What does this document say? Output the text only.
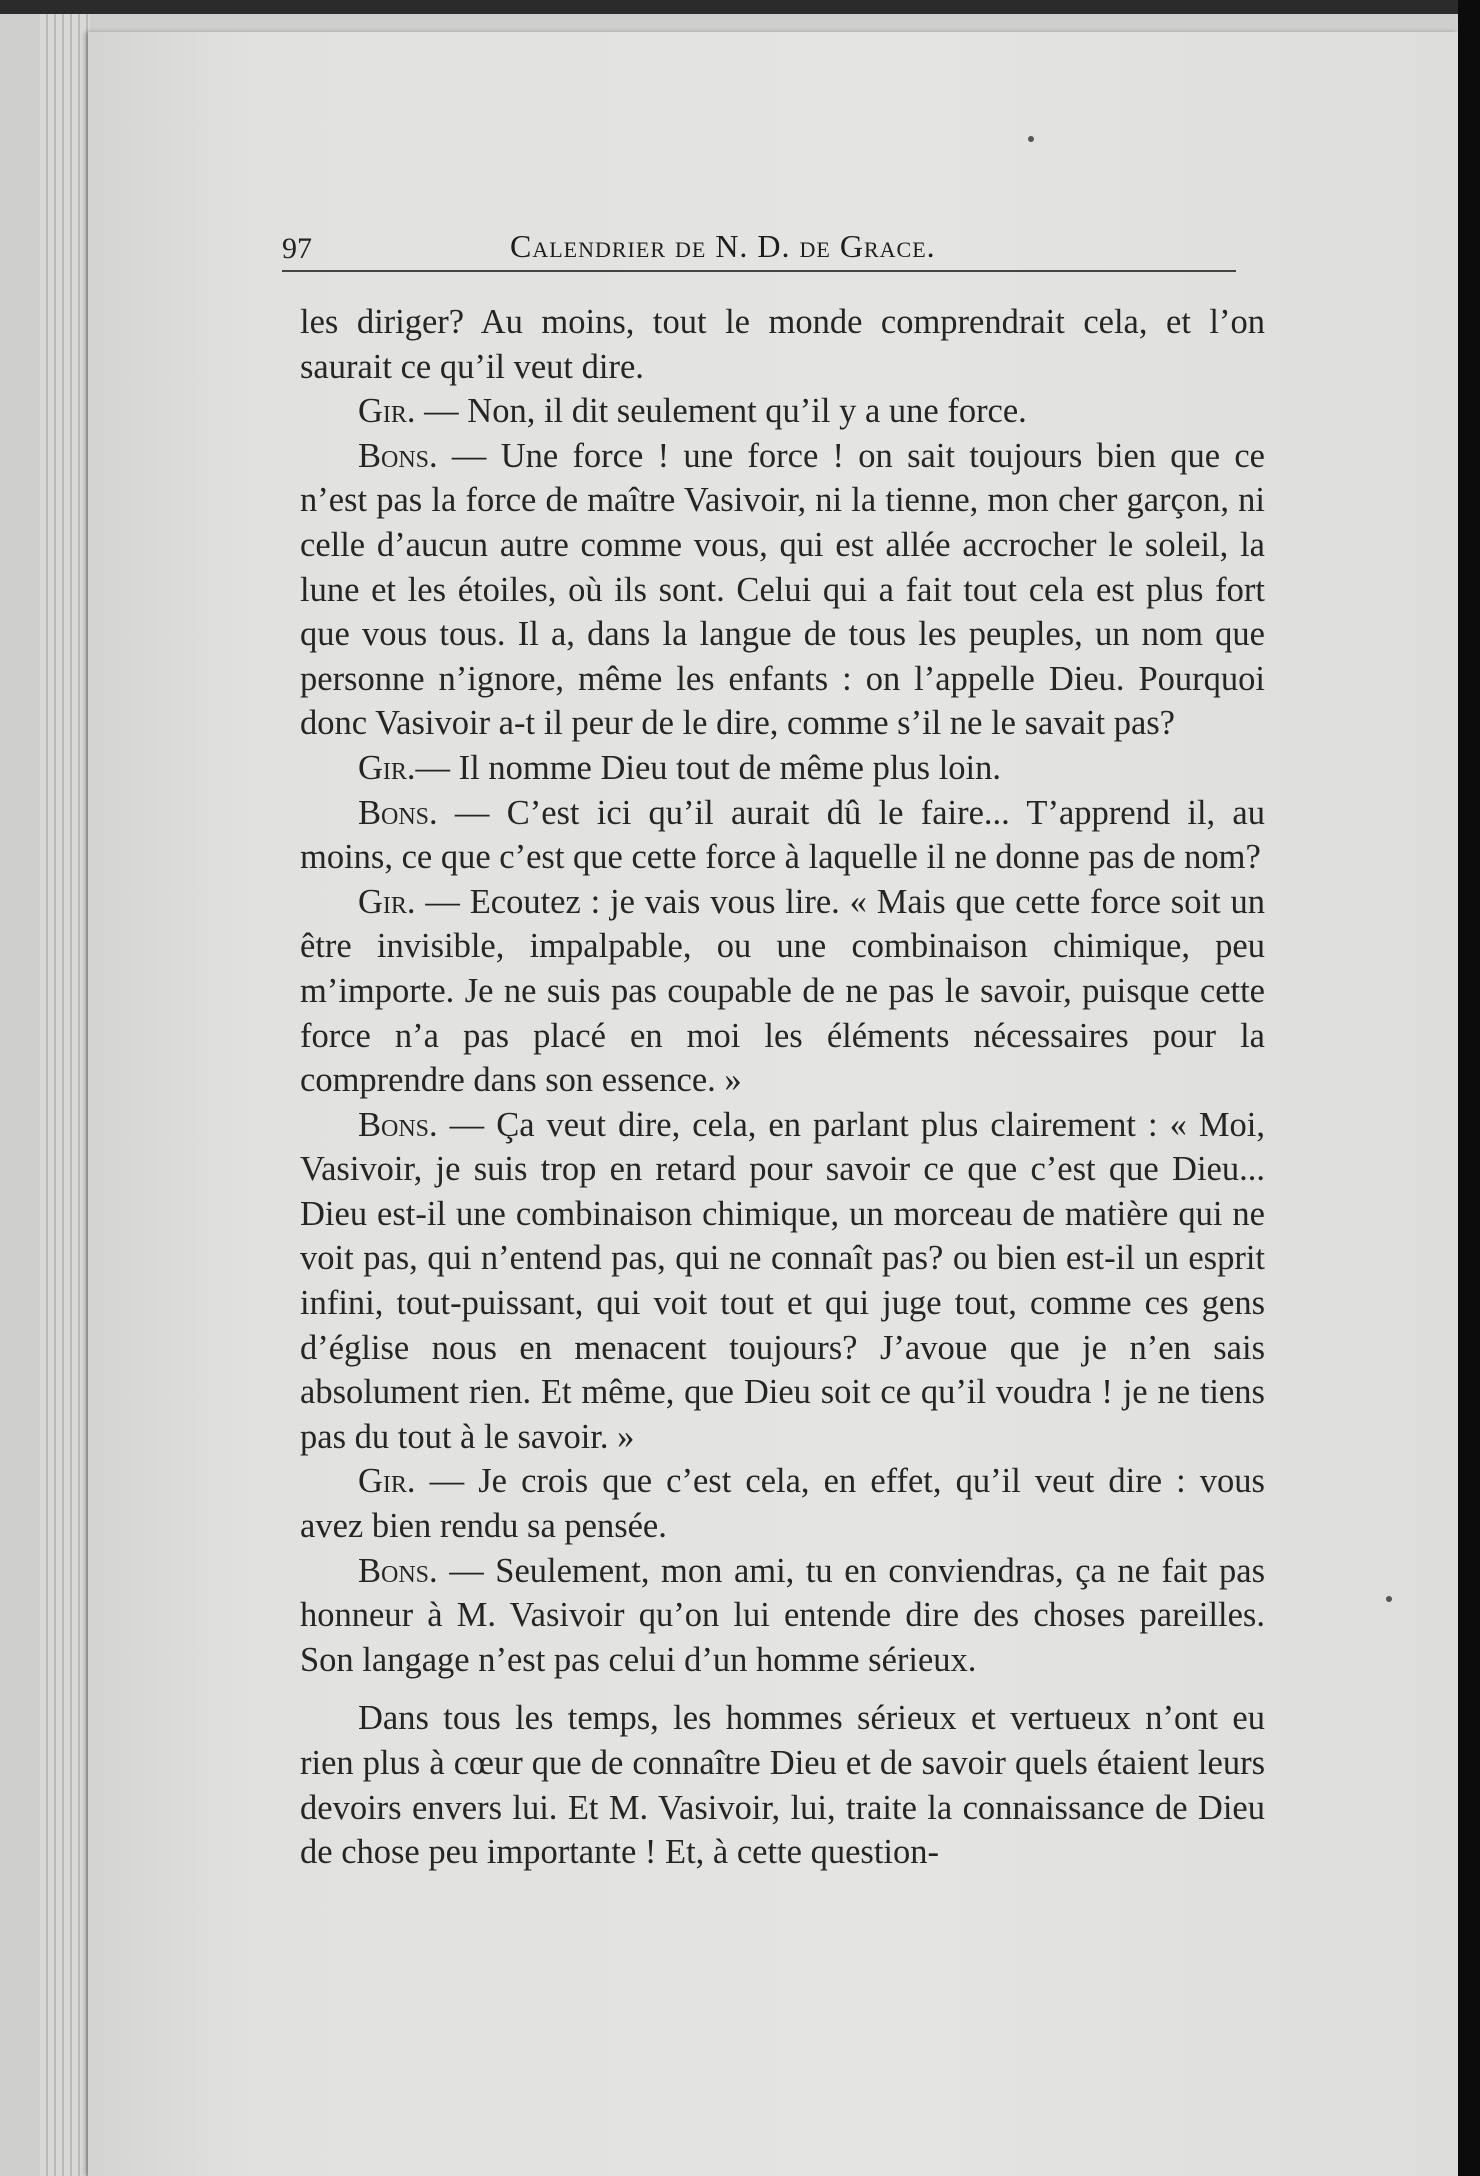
97	Calendrier de N. D. de Grace.

les diriger? Au moins, tout le monde comprendrait cela, et l’on saurait ce qu’il veut dire.

Gir. — Non, il dit seulement qu’il y a une force.

Bons. — Une force ! une force ! on sait toujours bien que ce n’est pas la force de maître Vasivoir, ni la tienne, mon cher garçon, ni celle d’aucun autre comme vous, qui est allée accrocher le soleil, la lune et les étoiles, où ils sont. Celui qui a fait tout cela est plus fort que vous tous. Il a, dans la langue de tous les peuples, un nom que personne n’ignore, même les enfants : on l’appelle Dieu. Pourquoi donc Vasivoir a-t il peur de le dire, comme s’il ne le savait pas?

Gir.— Il nomme Dieu tout de même plus loin.

Bons. — C’est ici qu’il aurait dû le faire... T’apprend il, au moins, ce que c’est que cette force à laquelle il ne donne pas de nom?

Gir. — Ecoutez : je vais vous lire. « Mais que cette force soit un être invisible, impalpable, ou une combinaison chimique, peu m’importe. Je ne suis pas coupable de ne pas le savoir, puisque cette force n’a pas placé en moi les éléments nécessaires pour la comprendre dans son essence. »

Bons. — Ça veut dire, cela, en parlant plus clairement : « Moi, Vasivoir, je suis trop en retard pour savoir ce que c’est que Dieu... Dieu est-il une combinaison chimique, un morceau de matière qui ne voit pas, qui n’entend pas, qui ne connaît pas? ou bien est-il un esprit infini, tout-puissant, qui voit tout et qui juge tout, comme ces gens d’église nous en menacent toujours? J’avoue que je n’en sais absolument rien. Et même, que Dieu soit ce qu’il voudra ! je ne tiens pas du tout à le savoir. »

Gir. — Je crois que c’est cela, en effet, qu’il veut dire : vous avez bien rendu sa pensée.

Bons. — Seulement, mon ami, tu en conviendras, ça ne fait pas honneur à M. Vasivoir qu’on lui entende dire des choses pareilles. Son langage n’est pas celui d’un homme sérieux.

Dans tous les temps, les hommes sérieux et vertueux n’ont eu rien plus à cœur que de connaître Dieu et de savoir quels étaient leurs devoirs envers lui. Et M. Vasivoir, lui, traite la connaissance de Dieu de chose peu importante ! Et, à cette question-
